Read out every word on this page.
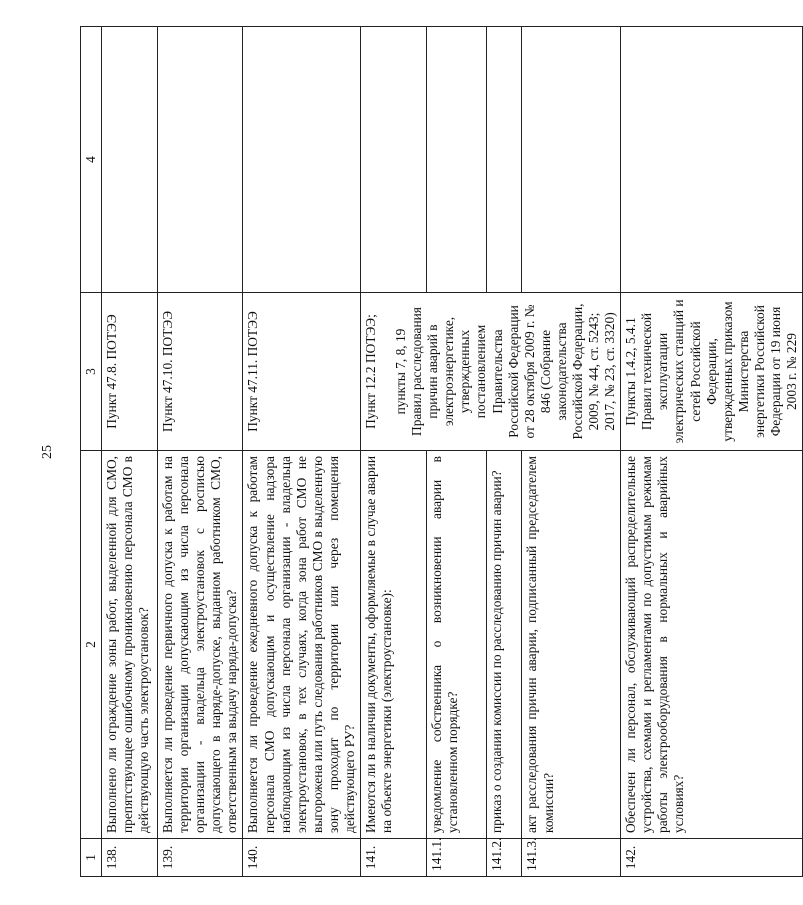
25
1	2	3	4
138.	Выполнено ли ограждение зоны работ, выделенной для СМО, препятствующее ошибочному проникновению персонала СМО в действующую часть электроустановок?	Пункт 47.8. ПОТЭЭ	
139.	Выполняется ли проведение первичного допуска к работам на территории организации допускающим из числа персонала организации - владельца электроустановок с росписью допускающего в наряде-допуске, выданном работником СМО, ответственным за выдачу наряда-допуска?	Пункт 47.10. ПОТЭЭ	
140.	Выполняется ли проведение ежедневного допуска к работам персонала СМО допускающим и осуществление надзора наблюдающим из числа персонала организации - владельца электроустановок, в тех случаях, когда зона работ СМО не выгорожена или путь следования работников СМО в выделенную зону проходит по территории или через помещения действующего РУ?	Пункт 47.11. ПОТЭЭ	
141.	Имеются ли в наличии документы, оформляемые в случае аварии на объекте энергетики (электроустановке):	Пункт 12.2 ПОТЭЭ; пункты 7, 8, 19 Правил расследования причин аварий в электроэнергетике, утвержденных постановлением Правительства Российской Федерации от 28 октября 2009 г. № 846 (Собрание законодательства Российской Федерации, 2009, № 44, ст. 5243; 2017, № 23, ст. 3320)	

141.1.	уведомление собственника о возникновении аварии в установленном порядке?		
141.2.	приказ о создании комиссии по расследованию причин аварии?		
141.3.	акт расследования причин аварии, подписанный председателем комиссии?		
142.	Обеспечен ли персонал, обслуживающий распределительные устройства, схемами и регламентами по допустимым режимам работы электрооборудования в нормальных и аварийных условиях?	Пункты 1.4.2, 5.4.1 Правил технической эксплуатации электрических станций и сетей Российской Федерации, утвержденных приказом Министерства энергетики Российской Федерации от 19 июня 2003 г. № 229	
